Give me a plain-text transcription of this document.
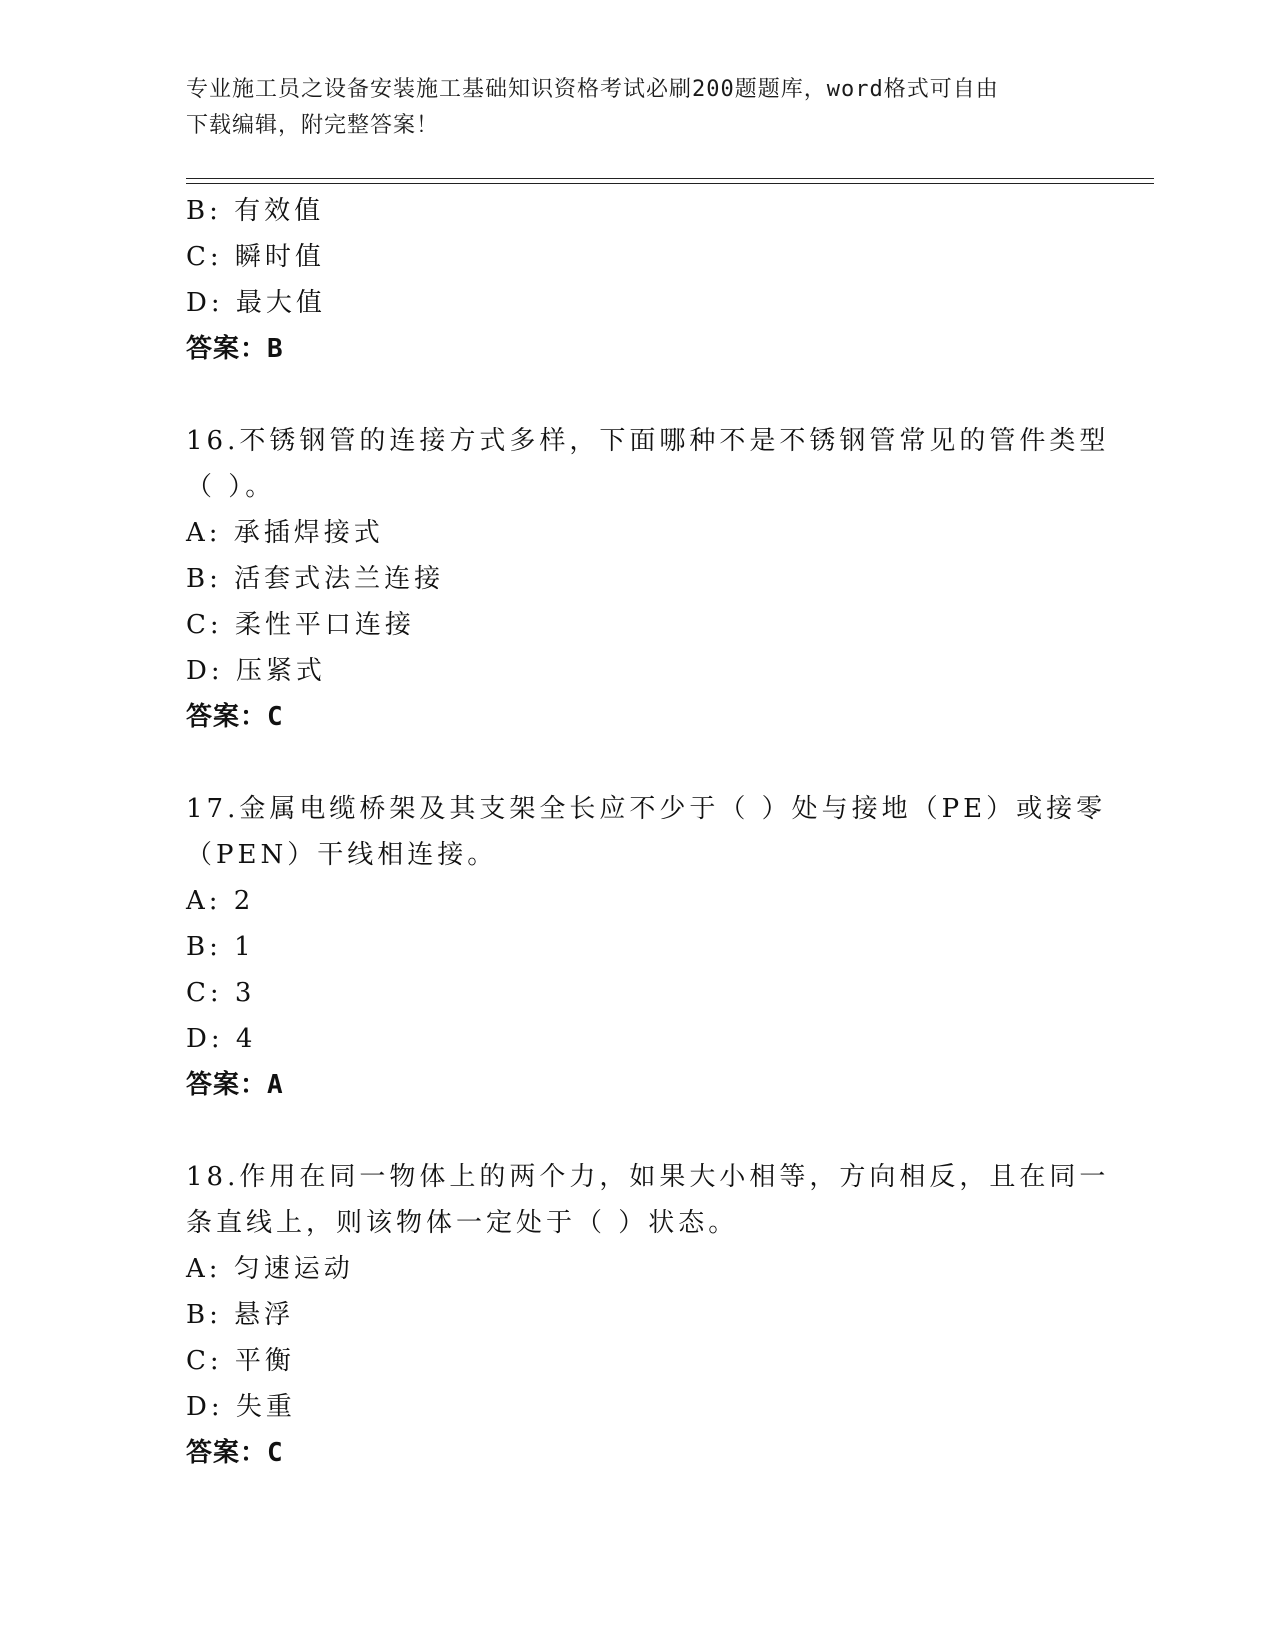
专业施工员之设备安装施工基础知识资格考试必刷200题题库，word格式可自由

下载编辑，附完整答案！

B: 有效值

C: 瞬时值

D: 最大值

答案：B

16.不锈钢管的连接方式多样，下面哪种不是不锈钢管常见的管件类型

（ ）。

A: 承插焊接式

B: 活套式法兰连接

C: 柔性平口连接

D: 压紧式

答案：C

17.金属电缆桥架及其支架全长应不少于（ ）处与接地（PE）或接零

（PEN）干线相连接。

A: 2

B: 1

C: 3

D: 4

答案：A

18.作用在同一物体上的两个力，如果大小相等，方向相反，且在同一

条直线上，则该物体一定处于（ ）状态。

A: 匀速运动

B: 悬浮

C: 平衡

D: 失重

答案：C
